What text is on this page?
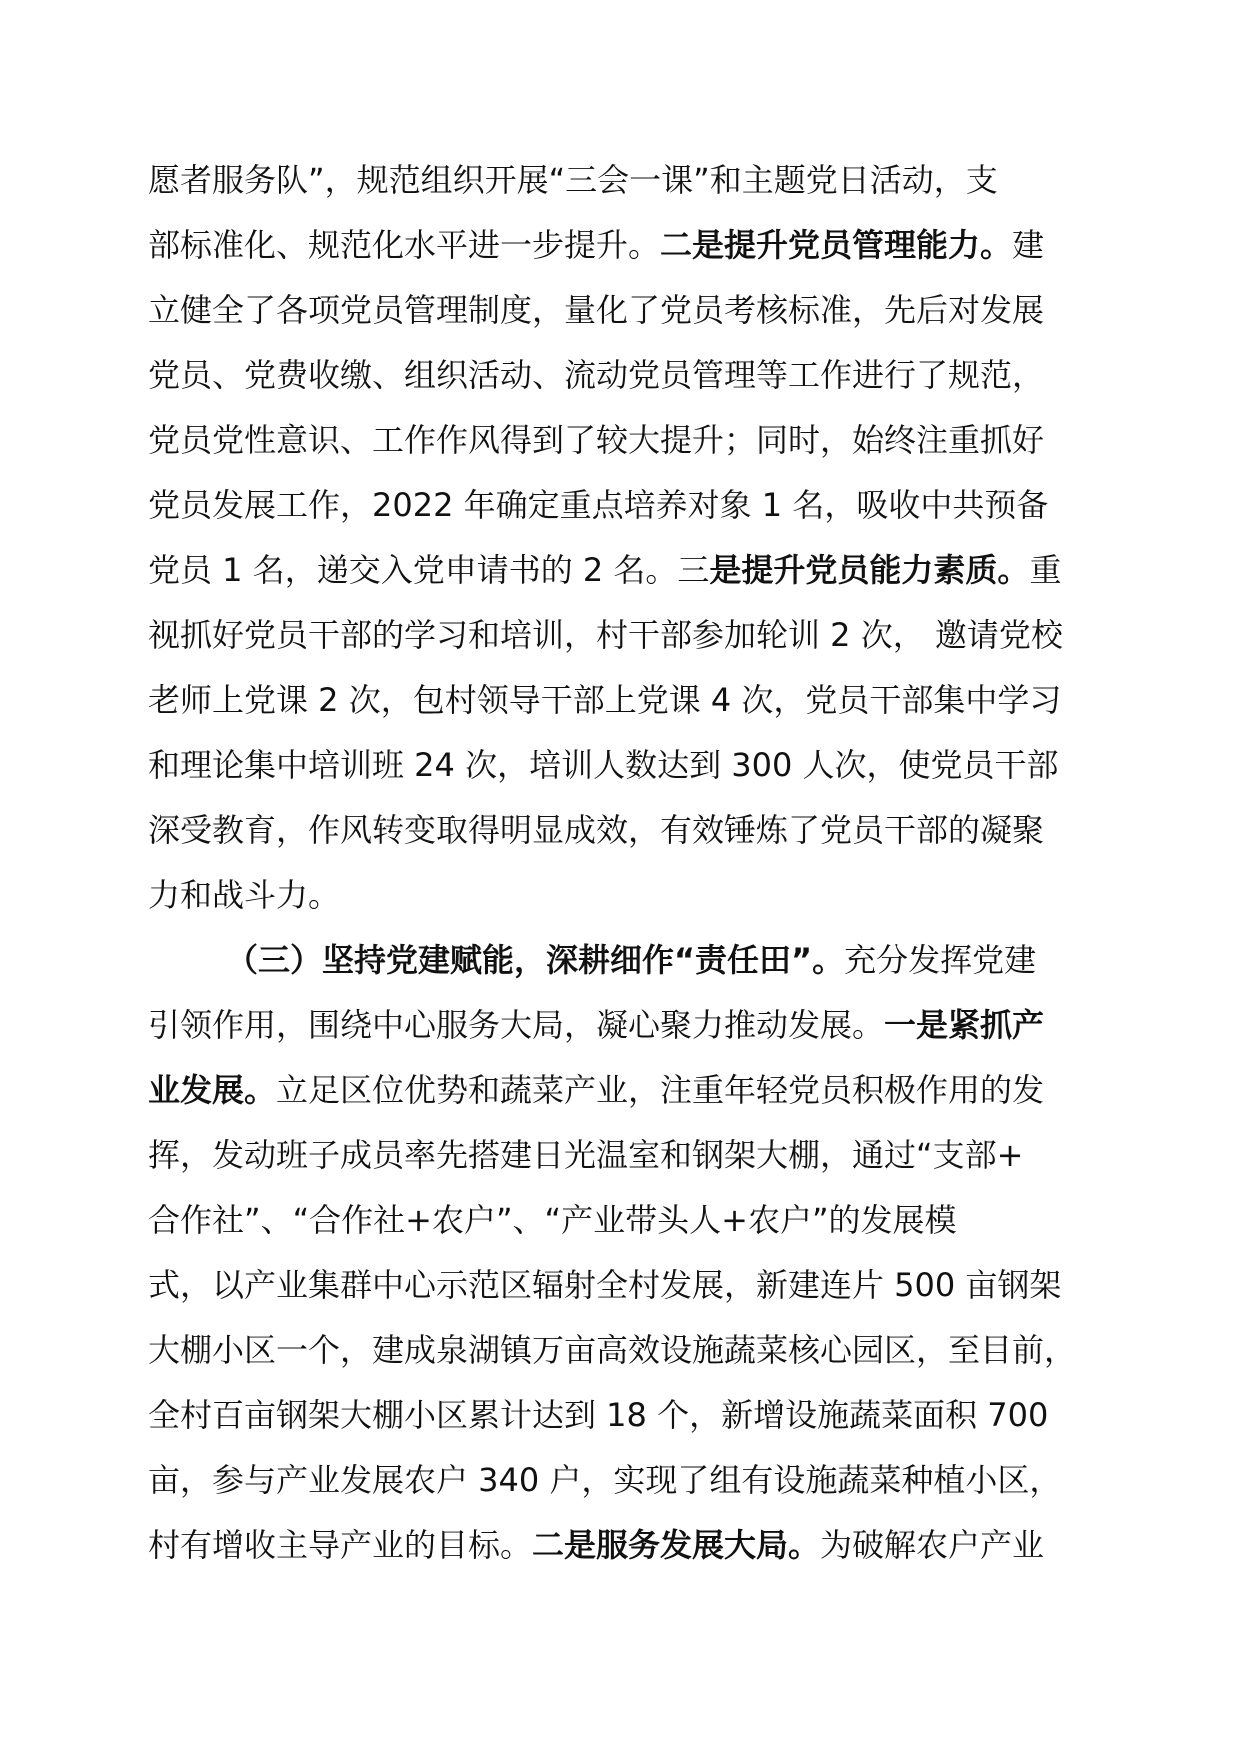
愿者服务队”，规范组织开展“三会一课”和主题党日活动，支
部标准化、规范化水平进一步提升。二是提升党员管理能力。建
立健全了各项党员管理制度，量化了党员考核标准，先后对发展
党员、党费收缴、组织活动、流动党员管理等工作进行了规范，
党员党性意识、工作作风得到了较大提升；同时，始终注重抓好
党员发展工作，2022 年确定重点培养对象 1 名，吸收中共预备
党员 1 名，递交入党申请书的 2 名。三是提升党员能力素质。重
视抓好党员干部的学习和培训，村干部参加轮训 2 次， 邀请党校
老师上党课 2 次，包村领导干部上党课 4 次，党员干部集中学习
和理论集中培训班 24 次，培训人数达到 300 人次，使党员干部
深受教育，作风转变取得明显成效，有效锤炼了党员干部的凝聚
力和战斗力。
（三）坚持党建赋能，深耕细作“责任田”。充分发挥党建
引领作用，围绕中心服务大局，凝心聚力推动发展。一是紧抓产
业发展。立足区位优势和蔬菜产业，注重年轻党员积极作用的发
挥，发动班子成员率先搭建日光温室和钢架大棚，通过“支部+
合作社”、“合作社+农户”、“产业带头人+农户”的发展模
式，以产业集群中心示范区辐射全村发展，新建连片 500 亩钢架
大棚小区一个，建成泉湖镇万亩高效设施蔬菜核心园区，至目前，
全村百亩钢架大棚小区累计达到 18 个，新增设施蔬菜面积 700
亩，参与产业发展农户 340 户，实现了组有设施蔬菜种植小区，
村有增收主导产业的目标。二是服务发展大局。为破解农户产业
